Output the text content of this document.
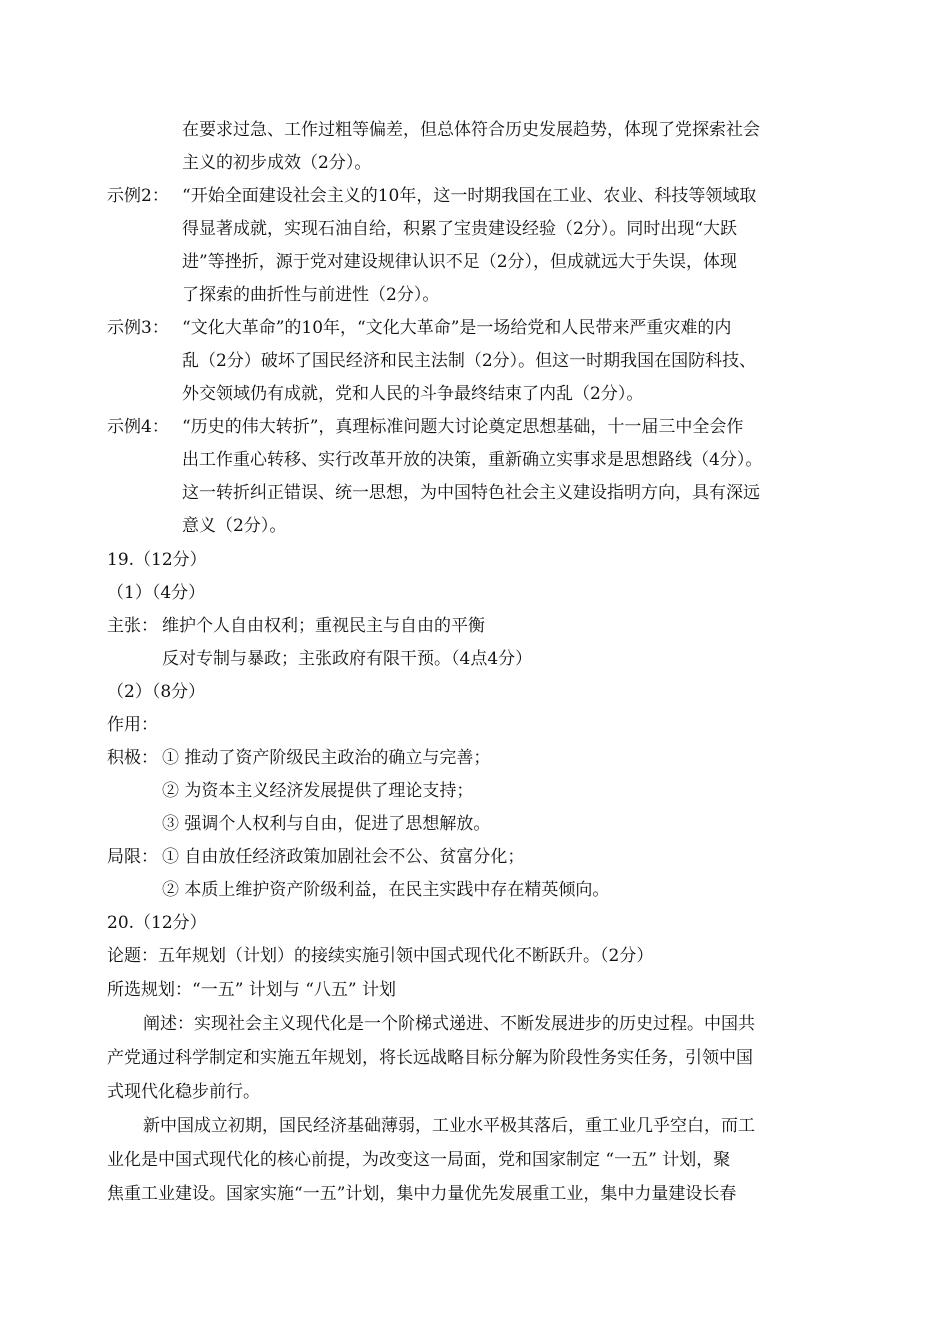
在要求过急、工作过粗等偏差，但总体符合历史发展趋势，体现了党探索社会
主义的初步成效（2分）。
示例2： “开始全面建设社会主义的10年，这一时期我国在工业、农业、科技等领域取
得显著成就，实现石油自给，积累了宝贵建设经验（2分）。同时出现“大跃
进”等挫折，源于党对建设规律认识不足（2分），但成就远大于失误，体现
了探索的曲折性与前进性（2分）。
示例3： “文化大革命”的10年，“文化大革命”是一场给党和人民带来严重灾难的内
乱（2分）破坏了国民经济和民主法制（2分）。但这一时期我国在国防科技、
外交领域仍有成就，党和人民的斗争最终结束了内乱（2分）。
示例4： “历史的伟大转折”，真理标准问题大讨论奠定思想基础，十一届三中全会作
出工作重心转移、实行改革开放的决策，重新确立实事求是思想路线（4分）。
这一转折纠正错误、统一思想，为中国特色社会主义建设指明方向，具有深远
意义（2分）。
19.（12分）
（1）（4分）
主张： 维护个人自由权利；重视民主与自由的平衡
反对专制与暴政；主张政府有限干预。（4点4分）
（2）（8分）
作用：
积极： ① 推动了资产阶级民主政治的确立与完善；
② 为资本主义经济发展提供了理论支持；
③ 强调个人权利与自由，促进了思想解放。
局限： ① 自由放任经济政策加剧社会不公、贫富分化；
② 本质上维护资产阶级利益，在民主实践中存在精英倾向。
20.（12分）
论题：五年规划（计划）的接续实施引领中国式现代化不断跃升。（2分）
所选规划：“一五” 计划与 “八五” 计划
阐述：实现社会主义现代化是一个阶梯式递进、不断发展进步的历史过程。中国共
产党通过科学制定和实施五年规划，将长远战略目标分解为阶段性务实任务，引领中国
式现代化稳步前行。
新中国成立初期，国民经济基础薄弱，工业水平极其落后，重工业几乎空白，而工
业化是中国式现代化的核心前提，为改变这一局面，党和国家制定 “一五” 计划，聚
焦重工业建设。国家实施“一五”计划，集中力量优先发展重工业，集中力量建设长春
